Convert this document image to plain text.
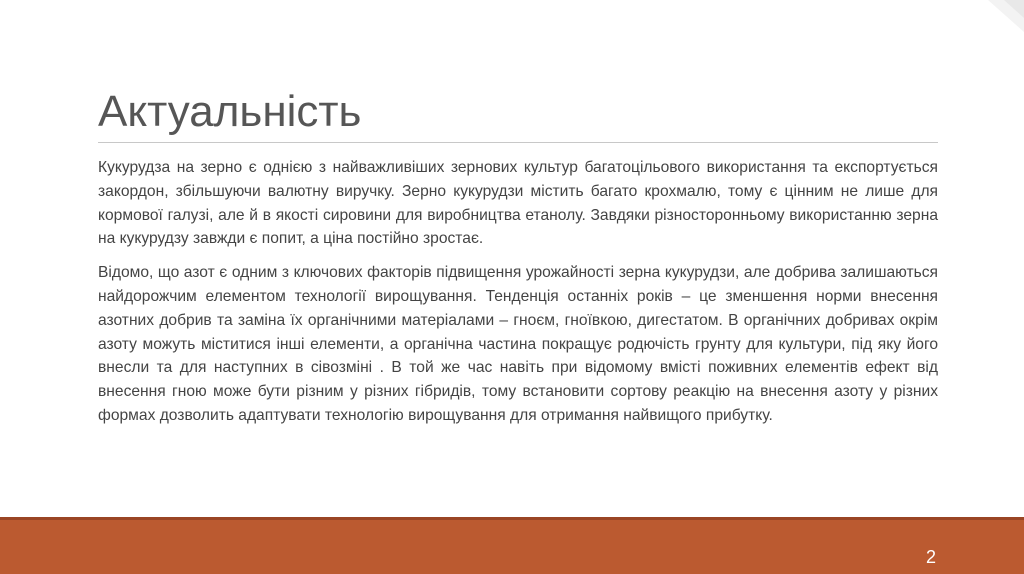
Актуальність

Кукурудза на зерно є однією з найважливіших зернових культур багатоцільового використання та експортується закордон, збільшуючи валютну виручку. Зерно кукурудзи містить багато крохмалю, тому є цінним не лише для кормової галузі, але й в якості сировини для виробництва етанолу. Завдяки різносторонньому використанню зерна на кукурудзу завжди є попит, а ціна постійно зростає.

Відомо, що азот є одним з ключових факторів підвищення урожайності зерна кукурудзи, але добрива залишаються найдорожчим елементом технології вирощування. Тенденція останніх років – це зменшення норми внесення азотних добрив та заміна їх органічними матеріалами – гноєм, гноївкою, дигестатом. В органічних добривах окрім азоту можуть міститися інші елементи, а органічна частина покращує родючість грунту для культури, під яку його внесли та для наступних в сівозміні . В той же час навіть при відомому вмісті поживних елементів ефект від внесення гною може бути різним у різних гібридів, тому встановити сортову реакцію на внесення азоту у різних формах дозволить адаптувати технологію вирощування для отримання найвищого прибутку.

2
